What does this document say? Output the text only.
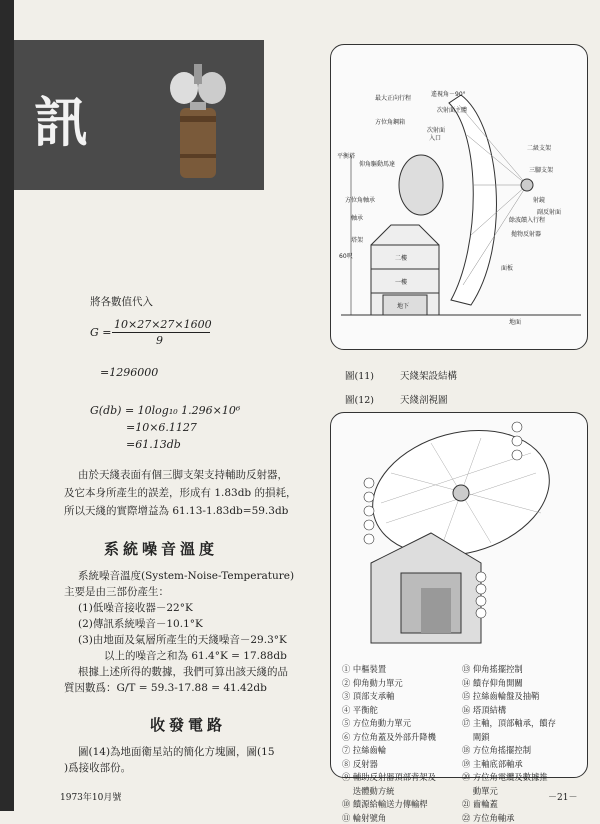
訊
將各數值代入
G =
10×27×27×1600
9
=1296000
G(db) = 10log₁₀ 1.296×10⁶
=10×6.1127
=61.13db
由於天綫表面有個三脚支架支持輔助反射器，
及它本身所產生的誤差，形成有 1.83db 的損耗，
所以天綫的實際增益為 61.13-1.83db=59.3db
系統噪音溫度
系統噪音溫度(System-Noise-Temperature)
主要是由三部份產生：
(1)低噪音接收器－22°K
(2)傳訊系統噪音－10.1°K
(3)由地面及氣層所產生的天綫噪音－29.3°K
以上的噪音之和為 61.4°K = 17.88db
根據上述所得的數據，我們可算出該天綫的品
質因數爲：G/T = 59.3-17.88 = 41.42db
收發電路
圖(14)為地面衛星站的簡化方塊圖，圖(15
)爲接收部份。
最大正向行程
遙視角－90°
次射面主體
方位角鋼箱
次射面
入口
平衡塔
仰角驅動馬達
方位角軸承
軸承
塔架
60呎	二樓
一樓
地下
地面
二級支架
三腳支架
餘波饋入行程
拋物反射器
射鏡
副反射面
面板
圖(11)	天綫架設結構
圖(12)	天綫剖視圖
① 中樞裝置	⑬ 仰角搖擺控制
② 仰角動力單元	⑭ 饋存仰角開關
③ 頂部支承軸	⑮ 拉絲齒輪盤及抽鞘
④ 平衡舵	⑯ 塔頂結構
⑤ 方位角動力單元	⑰ 主軸，頂部軸承，饋存
⑥ 方位角蓋及外部升降機	　 閘鎖
⑦ 拉絲齒輪	⑱ 方位角搖擺控制
⑧ 反射器	⑲ 主軸底部軸承
⑨ 輔助反射器頂部背架及	⑳ 方位角電纜及數據推
　 迭體動方統	　 動單元
⑩ 饋源給輸送力傳輸桿	㉑ 齒輪蓋
⑪ 輪射號角	㉒ 方位角軸承
1973年10月號	－21－
